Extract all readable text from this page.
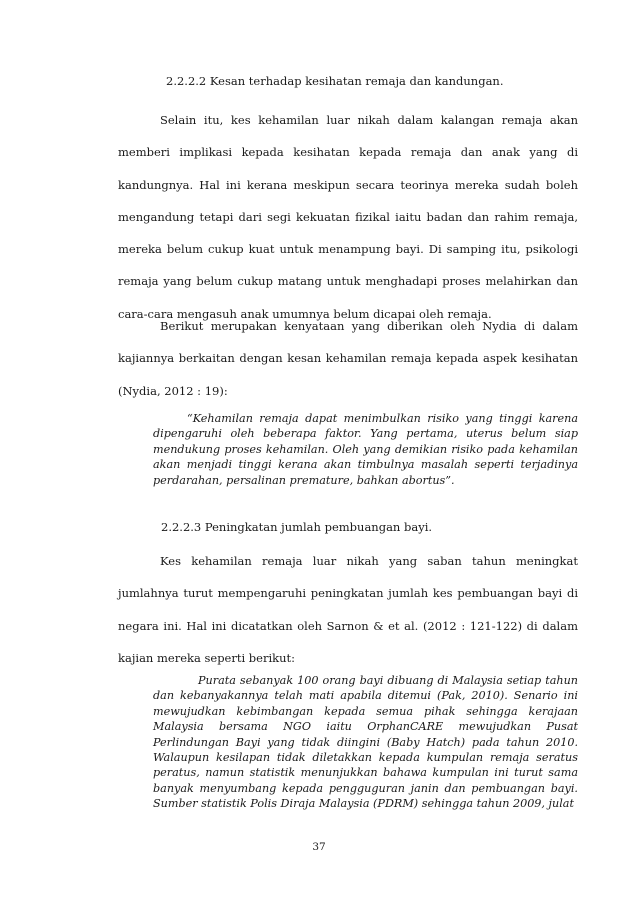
2.2.2.2 Kesan terhadap kesihatan remaja dan kandungan.

Selain itu, kes kehamilan luar nikah dalam kalangan remaja akan memberi implikasi kepada kesihatan kepada remaja dan anak yang di kandungnya. Hal ini kerana meskipun secara teorinya mereka sudah boleh mengandung tetapi dari segi kekuatan fizikal iaitu badan dan rahim remaja, mereka belum cukup kuat untuk menampung bayi. Di samping itu, psikologi remaja yang belum cukup matang untuk menghadapi proses melahirkan dan cara-cara mengasuh anak umumnya belum dicapai oleh remaja.

Berikut merupakan kenyataan yang diberikan oleh Nydia di dalam kajiannya berkaitan dengan kesan kehamilan remaja kepada aspek kesihatan (Nydia, 2012 : 19):

“Kehamilan remaja dapat menimbulkan risiko yang tinggi karena dipengaruhi oleh beberapa faktor. Yang pertama, uterus belum siap mendukung proses kehamilan. Oleh yang demikian risiko pada kehamilan akan menjadi tinggi kerana akan timbulnya masalah seperti terjadinya perdarahan, persalinan premature, bahkan abortus”.

2.2.2.3 Peningkatan jumlah pembuangan bayi.

Kes kehamilan remaja luar nikah yang saban tahun meningkat jumlahnya turut mempengaruhi peningkatan jumlah kes pembuangan bayi di negara ini. Hal ini dicatatkan oleh Sarnon & et al. (2012 : 121-122) di dalam kajian mereka seperti berikut:

Purata sebanyak 100 orang bayi dibuang di Malaysia setiap tahun dan kebanyakannya telah mati apabila ditemui (Pak, 2010). Senario ini mewujudkan kebimbangan kepada semua pihak sehingga kerajaan Malaysia bersama NGO iaitu OrphanCARE mewujudkan Pusat Perlindungan Bayi yang tidak diingini (Baby Hatch) pada tahun 2010. Walaupun kesilapan tidak diletakkan kepada kumpulan remaja seratus peratus, namun statistik menunjukkan bahawa kumpulan ini turut sama banyak menyumbang kepada pengguguran janin dan pembuangan bayi. Sumber statistik Polis Diraja Malaysia (PDRM) sehingga tahun 2009, julat

37
